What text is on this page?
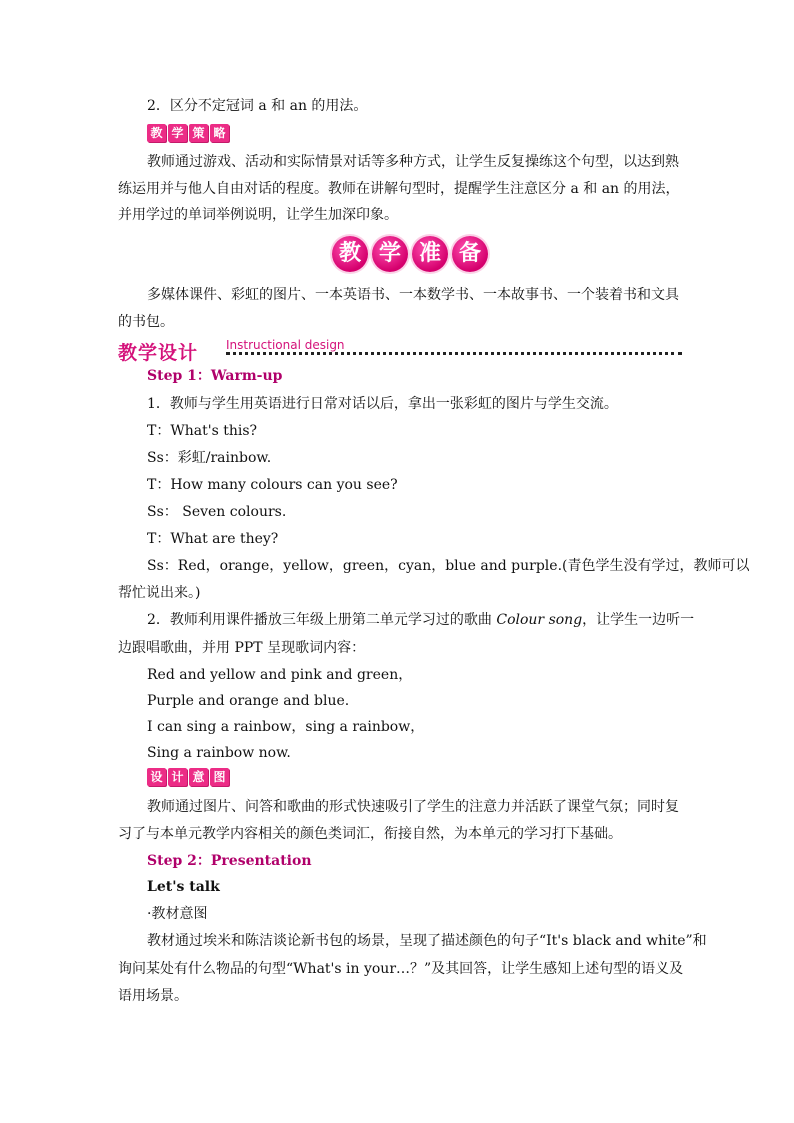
2．区分不定冠词 a 和 an 的用法。
教 学 策 略
教师通过游戏、活动和实际情景对话等多种方式，让学生反复操练这个句型，以达到熟
练运用并与他人自由对话的程度。教师在讲解句型时，提醒学生注意区分 a 和 an 的用法，
并用学过的单词举例说明，让学生加深印象。
教 学 准 备
多媒体课件、彩虹的图片、一本英语书、一本数学书、一本故事书、一个装着书和文具
的书包。
教学设计 Instructional design
Step 1：Warm-up
1．教师与学生用英语进行日常对话以后，拿出一张彩虹的图片与学生交流。
T：What's this?
Ss：彩虹/rainbow.
T：How many colours can you see?
Ss： Seven colours.
T：What are they?
Ss：Red，orange，yellow，green，cyan，blue and purple.(青色学生没有学过，教师可以
帮忙说出来。)
2．教师利用课件播放三年级上册第二单元学习过的歌曲 Colour song，让学生一边听一
边跟唱歌曲，并用 PPT 呈现歌词内容：
Red and yellow and pink and green，
Purple and orange and blue.
I can sing a rainbow，sing a rainbow，
Sing a rainbow now.
设 计 意 图
教师通过图片、问答和歌曲的形式快速吸引了学生的注意力并活跃了课堂气氛；同时复
习了与本单元教学内容相关的颜色类词汇，衔接自然，为本单元的学习打下基础。
Step 2：Presentation
Let's talk
·教材意图
教材通过埃米和陈洁谈论新书包的场景，呈现了描述颜色的句子“It's black and white”和
询问某处有什么物品的句型“What's in your…？”及其回答，让学生感知上述句型的语义及
语用场景。
